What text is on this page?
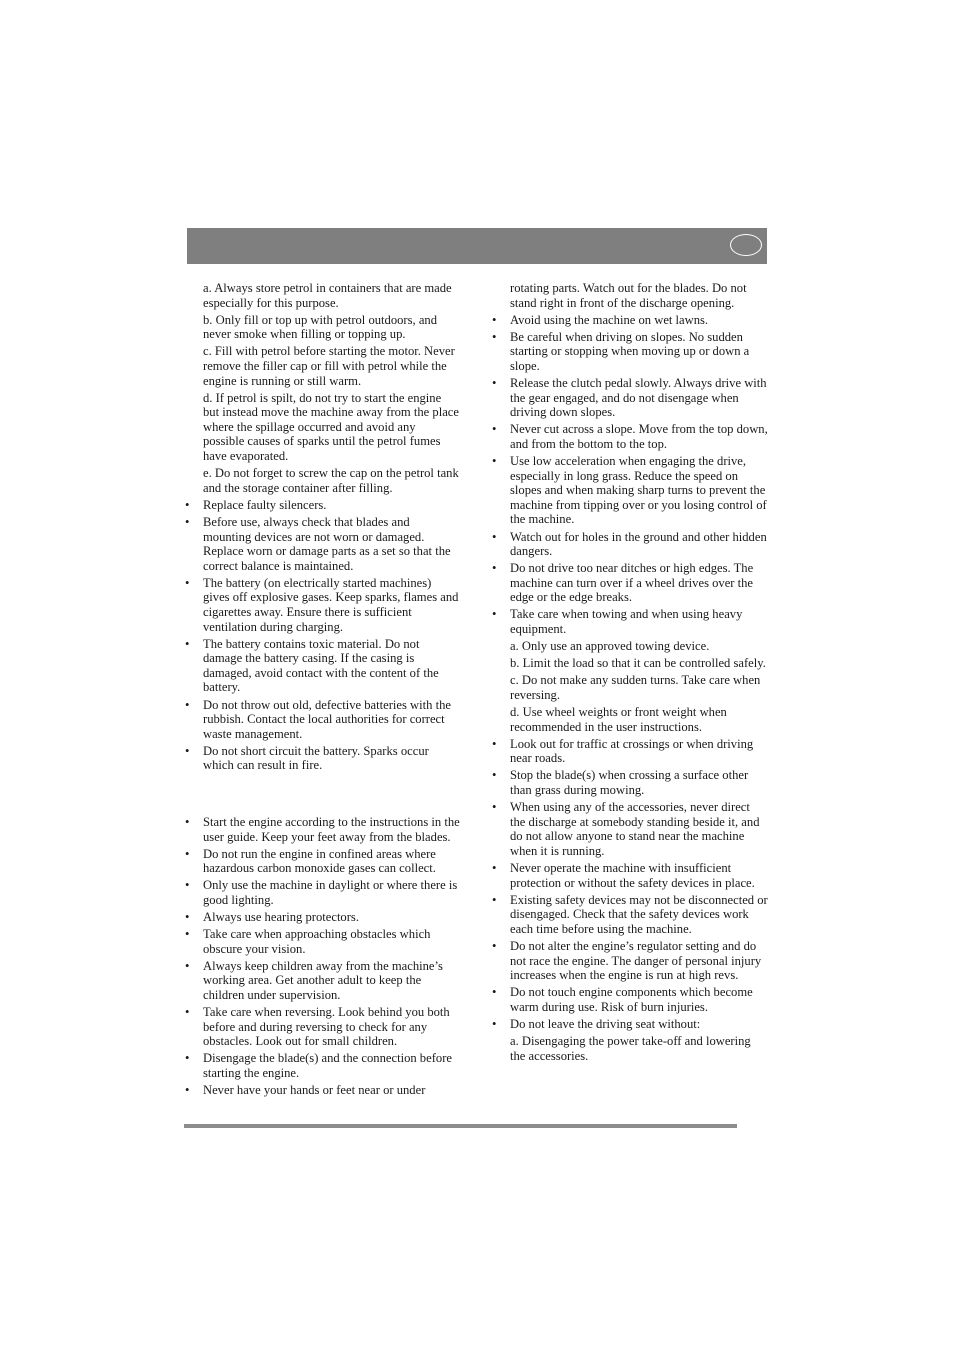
a. Always store petrol in containers that are made especially for this purpose.
b. Only fill or top up with petrol outdoors, and never smoke when filling or topping up.
c. Fill with petrol before starting the motor. Never remove the filler cap or fill with petrol while the engine is running or still warm.
d. If petrol is spilt, do not try to start the engine but instead move the machine away from the place where the spillage occurred and avoid any possible causes of sparks until the petrol fumes have evaporated.
e. Do not forget to screw the cap on the petrol tank and the storage container after filling.
•	Replace faulty silencers.
•	Before use, always check that blades and mounting devices are not worn or damaged. Replace worn or damage parts as a set so that the correct balance is maintained.
•	The battery (on electrically started machines) gives off explosive gases. Keep sparks, flames and cigarettes away. Ensure there is sufficient ventilation during charging.
•	The battery contains toxic material. Do not damage the battery casing. If the casing is damaged, avoid contact with the content of the battery.
•	Do not throw out old, defective batteries with the rubbish. Contact the local authorities for correct waste management.
•	Do not short circuit the battery. Sparks occur which can result in fire.
•	Start the engine according to the instructions in the user guide. Keep your feet away from the blades.
•	Do not run the engine in confined areas where hazardous carbon monoxide gases can collect.
•	Only use the machine in daylight or where there is good lighting.
•	Always use hearing protectors.
•	Take care when approaching obstacles which obscure your vision.
•	Always keep children away from the machine’s working area. Get another adult to keep the children under supervision.
•	Take care when reversing. Look behind you both before and during reversing to check for any obstacles. Look out for small children.
•	Disengage the blade(s) and the connection before starting the engine.
•	Never have your hands or feet near or under
rotating parts. Watch out for the blades. Do not stand right in front of the discharge opening.
•	Avoid using the machine on wet lawns.
•	Be careful when driving on slopes. No sudden starting or stopping when moving up or down a slope.
•	Release the clutch pedal slowly. Always drive with the gear engaged, and do not disengage when driving down slopes.
•	Never cut across a slope. Move from the top down, and from the bottom to the top.
•	Use low acceleration when engaging the drive, especially in long grass. Reduce the speed on slopes and when making sharp turns to prevent the machine from tipping over or you losing control of the machine.
•	Watch out for holes in the ground and other hidden dangers.
•	Do not drive too near ditches or high edges. The machine can turn over if a wheel drives over the edge or the edge breaks.
•	Take care when towing and when using heavy equipment.
a. Only use an approved towing device.
b. Limit the load so that it can be controlled safely.
c. Do not make any sudden turns. Take care when reversing.
d. Use wheel weights or front weight when recommended in the user instructions.
•	Look out for traffic at crossings or when driving near roads.
•	Stop the blade(s) when crossing a surface other than grass during mowing.
•	When using any of the accessories, never direct the discharge at somebody standing beside it, and do not allow anyone to stand near the machine when it is running.
•	Never operate the machine with insufficient protection or without the safety devices in place.
•	Existing safety devices may not be disconnected or disengaged. Check that the safety devices work each time before using the machine.
•	Do not alter the engine’s regulator setting and do not race the engine. The danger of personal injury increases when the engine is run at high revs.
•	Do not touch engine components which become warm during use. Risk of burn injuries.
•	Do not leave the driving seat without:
a. Disengaging the power take-off and lowering the accessories.
